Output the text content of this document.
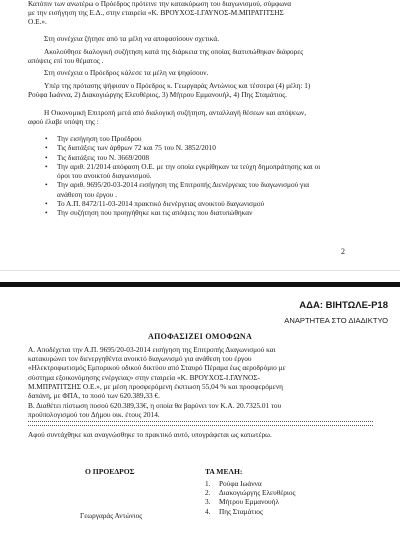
Κατόπιν των ανωτέρω ο Πρόεδρος πρότεινε την κατακύρωση του διαγωνισμού, σύμφωνα
με την εισήγηση της Ε.Δ., στην εταιρεία «Κ. ΒΡΟΥΧΟΣ-Ι.ΓΑΥΝΟΣ-Μ.ΜΠΡΑΤΙΤΣΗΣ
Ο.Ε.».

Στη συνέχεια ζήτησε από τα μέλη να αποφασίσουν σχετικά.

Ακολούθησε διαλογική συζήτηση κατά της διάρκεια της οποίας διατυπώθηκαν διάφορες
απόψεις επί του θέματος .

Στη συνέχεια ο Πρόεδρος κάλεσε τα μέλη να ψηφίσουν.

Υπέρ της πρότασης ψήφισαν ο Πρόεδρος κ. Γεωργαράς Αντώνιος και τέσσερα (4) μέλη: 1)
Ρούφα Ιωάννα, 2) Διακογιώργης Ελευθέριος, 3) Μήτρου Εμμανουήλ, 4) Πης Σταμάτιος.

Η Οικονομική Επιτροπή μετά από διαλογική συζήτηση, ανταλλαγή θέσεων και απόψεων,
αφού έλαβε υπόψη της :

• Την εισήγηση του Προέδρου
• Τις διατάξεις των άρθρων 72 και 75 του Ν. 3852/2010
• Τις διατάξεις του Ν. 3669/2008
• Την αριθ. 21/2014 απόφαση Ο.Ε. με την οποία εγκρίθηκαν τα τεύχη δημοπράτησης και οι
όροι του ανοικτού διαγωνισμού.
• Την αριθ. 9695/20-03-2014 εισήγηση της Επιτροπής Διενέργειας του διαγωνισμού για
ανάθεση του έργου .
• Το Α.Π. 8472/11-03-2014 πρακτικό διενέργειας ανοικτού διαγωνισμού
• Την συζήτηση που προηγήθηκε και τις απόψεις που διατυπώθηκαν
2
ΑΔΑ: ΒΙΗΤΩΛΕ-Ρ18
ΑΝΑΡΤΗΤΕΑ ΣΤΟ ΔΙΑΔΙΚΤΥΟ
ΑΠΟΦΑΣΙΖΕΙ ΟΜΟΦΩΝΑ

Α. Αποδέχεται την Α.Π. 9695/20-03-2014 εισήγηση της Επιτροπής Διαγωνισμού και
κατακυρώνει τον διενεργηθέντα ανοικτό διαγωνισμό για ανάθεση του έργου
«Ηλεκτροφωτισμός Εμπορικού οδικού δικτύου από Σταυρό Πέραμα έως αεροδρόμιο με
σύστημα εξοικονόμησης ενέργειας» στην εταιρεία «Κ. ΒΡΟΥΧΟΣ-Ι.ΓΑΥΝΟΣ-
Μ.ΜΠΡΑΤΙΤΣΗΣ Ο.Ε.», με μέση προσφερόμενη έκπτωση 55,04 % και προσφερόμενη
δαπάνη, με ΦΠΑ, το ποσό των 620.389,33 €.

Β. Διαθέτει πίστωση ποσού 620.389,33€, η οποία θα βαρύνει τον Κ.Α. 20.7325.01 του
προϋπολογισμού του Δήμου οικ. έτους 2014.

Αφού συντάχθηκε και αναγνώσθηκε το πρακτικό αυτό, υπογράφεται ως κατωτέρω.

Ο ΠΡΟΕΔΡΟΣ
Γεωργαράς Αντώνιος
ΤΑ ΜΕΛΗ:
1. Ρούφα Ιωάννα
2. Διακογιώργης Ελευθέριος
3. Μήτρου Εμμανουήλ
4. Πης Σταμάτιος
